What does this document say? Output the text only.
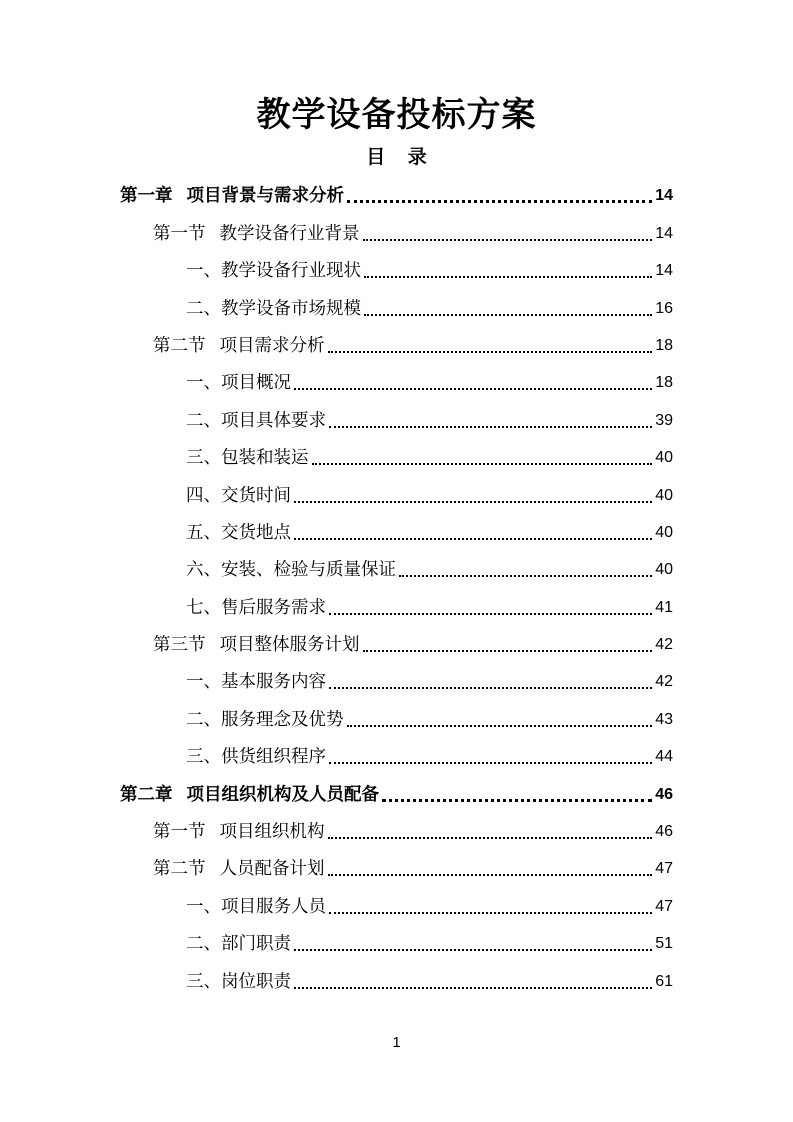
教学设备投标方案
目 录
第一章 项目背景与需求分析	14
第一节 教学设备行业背景	14
一、教学设备行业现状	14
二、教学设备市场规模	16
第二节 项目需求分析	18
一、项目概况	18
二、项目具体要求	39
三、包装和装运	40
四、交货时间	40
五、交货地点	40
六、安装、检验与质量保证	40
七、售后服务需求	41
第三节 项目整体服务计划	42
一、基本服务内容	42
二、服务理念及优势	43
三、供货组织程序	44
第二章 项目组织机构及人员配备	46
第一节 项目组织机构	46
第二节 人员配备计划	47
一、项目服务人员	47
二、部门职责	51
三、岗位职责	61
1
